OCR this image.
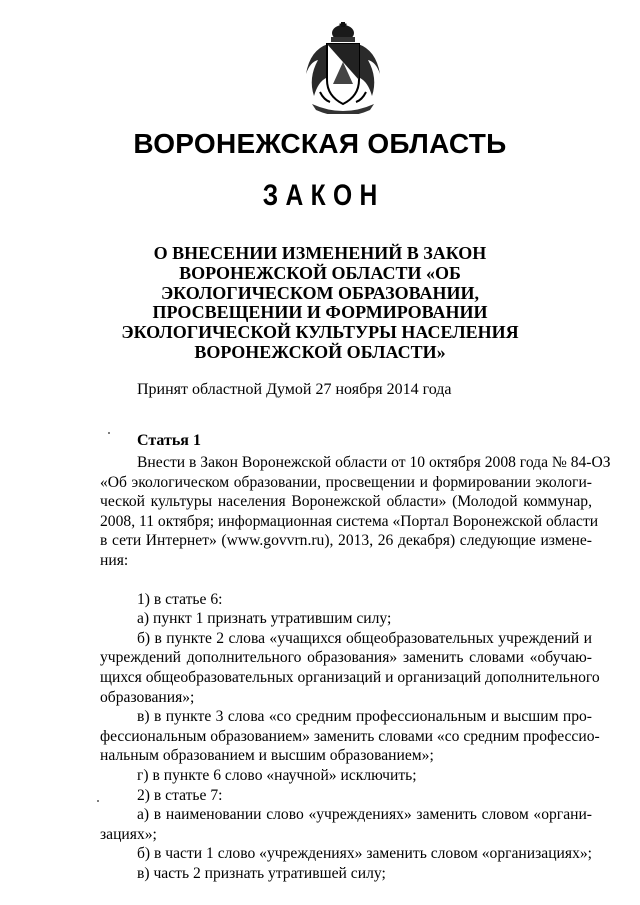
ВОРОНЕЖСКАЯ ОБЛАСТЬ
ЗАКОН
О ВНЕСЕНИИ ИЗМЕНЕНИЙ В ЗАКОН
ВОРОНЕЖСКОЙ ОБЛАСТИ «ОБ
ЭКОЛОГИЧЕСКОМ ОБРАЗОВАНИИ,
ПРОСВЕЩЕНИИ И ФОРМИРОВАНИИ
ЭКОЛОГИЧЕСКОЙ КУЛЬТУРЫ НАСЕЛЕНИЯ
ВОРОНЕЖСКОЙ ОБЛАСТИ»
Принят областной Думой 27 ноября 2014 года
Статья 1
Внести в Закон Воронежской области от 10 октября 2008 года № 84-ОЗ
«Об экологическом образовании, просвещении и формировании экологи-
ческой культуры населения Воронежской области» (Молодой коммунар,
2008, 11 октября; информационная система «Портал Воронежской области
в сети Интернет» (www.govvrn.ru), 2013, 26 декабря) следующие измене-
ния:
1) в статье 6:
а) пункт 1 признать утратившим силу;
б) в пункте 2 слова «учащихся общеобразовательных учреждений и
учреждений дополнительного образования» заменить словами «обучаю-
щихся общеобразовательных организаций и организаций дополнительного
образования»;
в) в пункте 3 слова «со средним профессиональным и высшим про-
фессиональным образованием» заменить словами «со средним профессио-
нальным образованием и высшим образованием»;
г) в пункте 6 слово «научной» исключить;
2) в статье 7:
а) в наименовании слово «учреждениях» заменить словом «органи-
зациях»;
б) в части 1 слово «учреждениях» заменить словом «организациях»;
в) часть 2 признать утратившей силу;
